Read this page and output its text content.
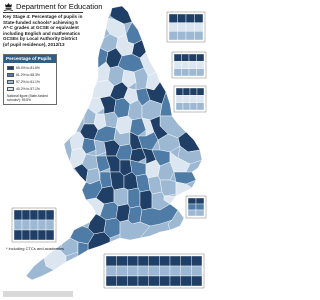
Department for Education
Key Stage 4: Percentage of pupils in State-funded schools* achieving 5 A*-C grades at GCSE or equivalent including English and mathematics GCSEs by Local Authority District (of pupil residence), 2012/13
Percentage of Pupils
65.4% to 81.6%
61.2% to 65.3%
57.2% to 61.1%
40.2% to 57.1%
National figure (State-funded schools*): 59.8%
* including CTCs and academies
